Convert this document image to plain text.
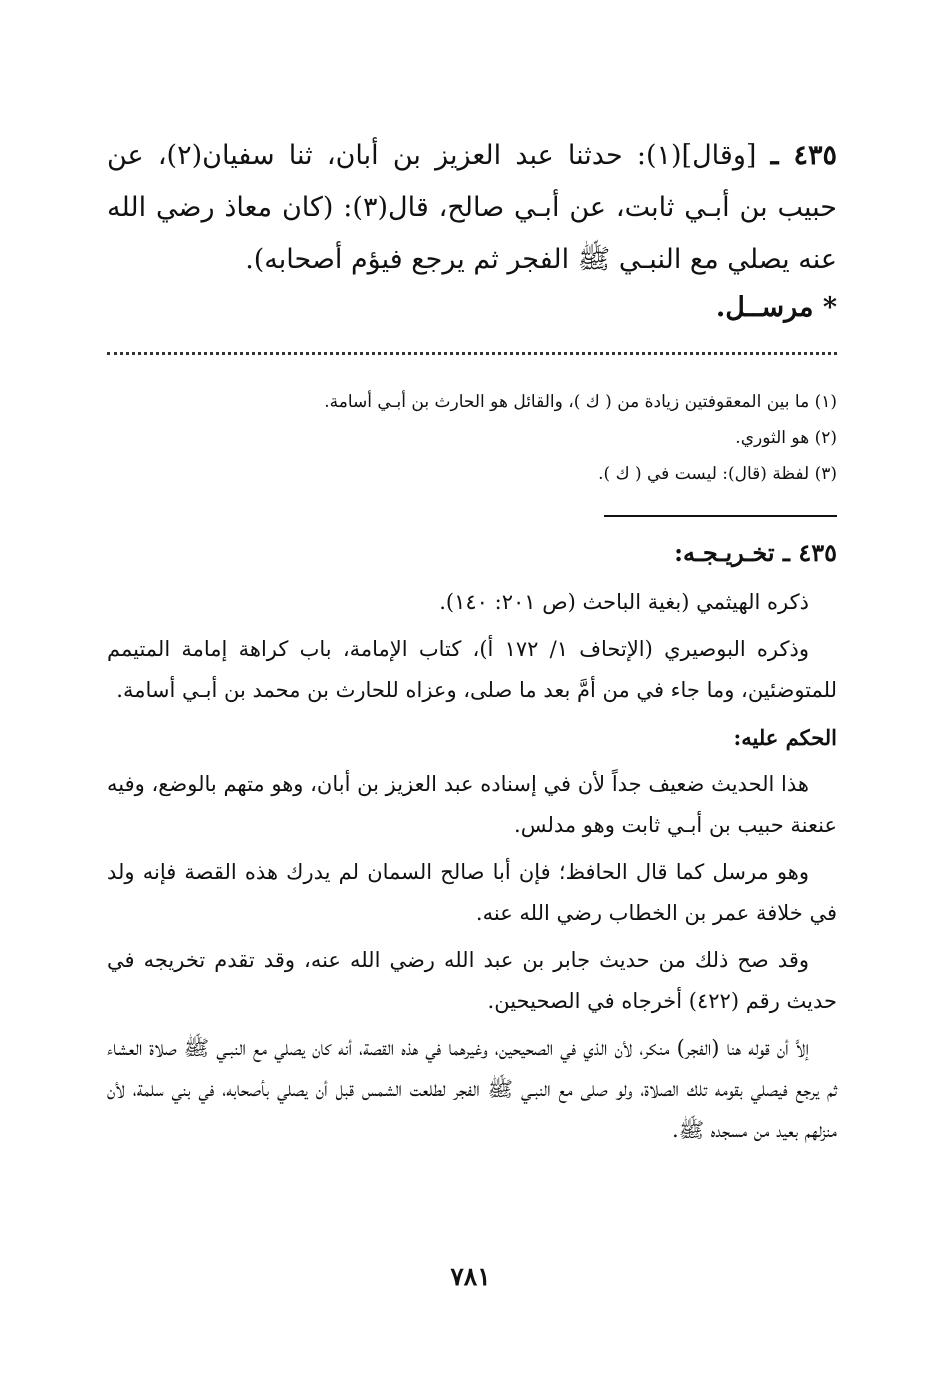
٤٣٥ ـ [وقال](١): حدثنا عبد العزيز بن أبان، ثنا سفيان(٢)، عن حبيب بن أبـي ثابت، عن أبـي صالح، قال(٣): (كان معاذ رضي الله عنه يصلي مع النبـي ﷺ الفجر ثم يرجع فيؤم أصحابه).

* مرســل.
(١) ما بين المعقوفتين زيادة من ( ك )، والقائل هو الحارث بن أبـي أسامة.
(٢) هو الثوري.
(٣) لفظة (قال): ليست في ( ك ).
٤٣٥ ـ تخـريـجـه:

ذكره الهيثمي (بغية الباحث (ص ٢٠١: ١٤٠).

وذكره البوصيري (الإتحاف ١/ ١٧٢ أ)، كتاب الإمامة، باب كراهة إمامة المتيمم للمتوضئين، وما جاء في من أمَّ بعد ما صلى، وعزاه للحارث بن محمد بن أبـي أسامة.

الحكم عليه:

هذا الحديث ضعيف جداً لأن في إسناده عبد العزيز بن أبان، وهو متهم بالوضع، وفيه عنعنة حبيب بن أبـي ثابت وهو مدلس.

وهو مرسل كما قال الحافظ؛ فإن أبا صالح السمان لم يدرك هذه القصة فإنه ولد في خلافة عمر بن الخطاب رضي الله عنه.

وقد صح ذلك من حديث جابر بن عبد الله رضي الله عنه، وقد تقدم تخريجه في حديث رقم (٤٢٢) أخرجاه في الصحيحين.

إلاَّ أن قوله هنا (الفجر) منكر، لأن الذي في الصحيحين، وغيرهما في هذه القصة، أنه كان يصلي مع النبـي ﷺ صلاة العشاء ثم يرجع فيصلي بقومه تلك الصلاة، ولو صلى مع النبـي ﷺ الفجر لطلعت الشمس قبل أن يصلي بأصحابه، في بني سلمة، لأن منزلهم بعيد من مسجده ﷺ.

٧٨١
